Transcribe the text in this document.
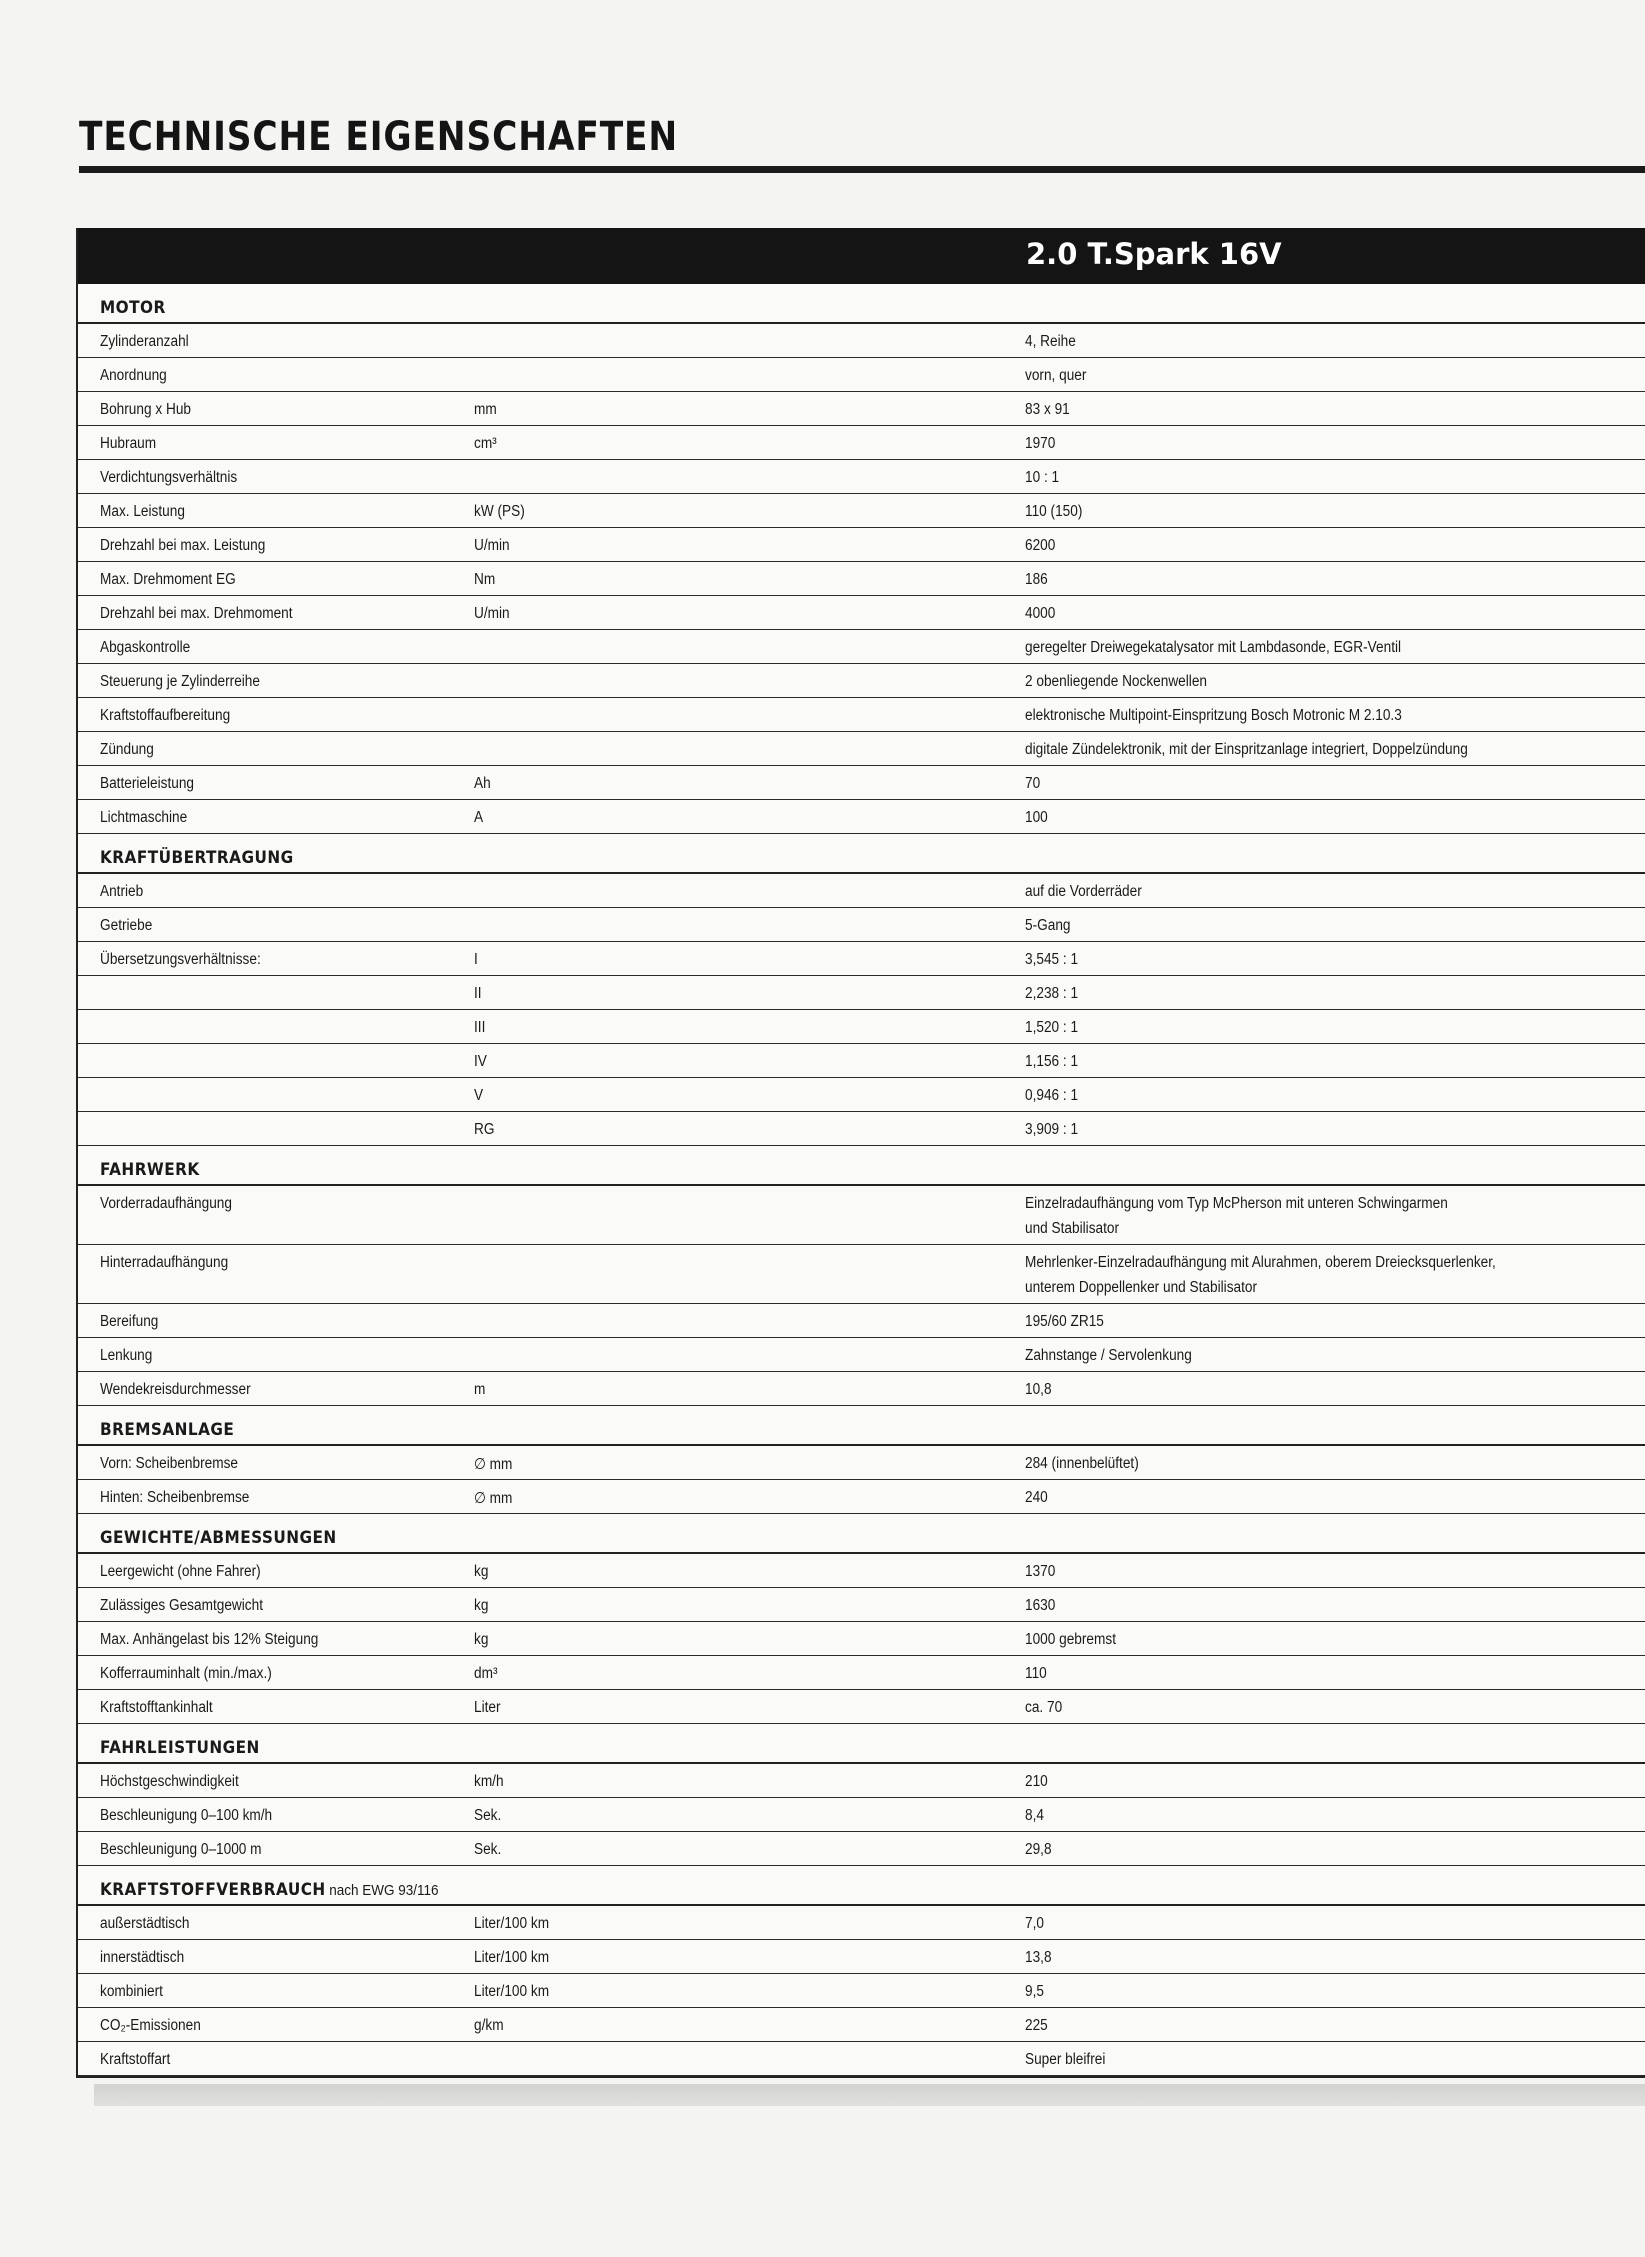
TECHNISCHE EIGENSCHAFTEN
2.0 T.Spark 16V
MOTOR
Zylinderanzahl	4, Reihe
Anordnung	vorn, quer
Bohrung x Hub	mm	83 x 91
Hubraum	cm³	1970
Verdichtungsverhältnis	10 : 1
Max. Leistung	kW (PS)	110 (150)
Drehzahl bei max. Leistung	U/min	6200
Max. Drehmoment EG	Nm	186
Drehzahl bei max. Drehmoment	U/min	4000
Abgaskontrolle	geregelter Dreiwegekatalysator mit Lambdasonde, EGR-Ventil
Steuerung je Zylinderreihe	2 obenliegende Nockenwellen
Kraftstoffaufbereitung	elektronische Multipoint-Einspritzung Bosch Motronic M 2.10.3
Zündung	digitale Zündelektronik, mit der Einspritzanlage integriert, Doppelzündung
Batterieleistung	Ah	70
Lichtmaschine	A	100
KRAFTÜBERTRAGUNG
Antrieb	auf die Vorderräder
Getriebe	5-Gang
Übersetzungsverhältnisse:	I	3,545 : 1
II	2,238 : 1
III	1,520 : 1
IV	1,156 : 1
V	0,946 : 1
RG	3,909 : 1
FAHRWERK
Vorderradaufhängung	Einzelradaufhängung vom Typ McPherson mit unteren Schwingarmen
und Stabilisator
Hinterradaufhängung	Mehrlenker-Einzelradaufhängung mit Alurahmen, oberem Dreiecksquerlenker,
unterem Doppellenker und Stabilisator
Bereifung	195/60 ZR15
Lenkung	Zahnstange / Servolenkung
Wendekreisdurchmesser	m	10,8
BREMSANLAGE
Vorn: Scheibenbremse	∅ mm	284 (innenbelüftet)
Hinten: Scheibenbremse	∅ mm	240
GEWICHTE/ABMESSUNGEN
Leergewicht (ohne Fahrer)	kg	1370
Zulässiges Gesamtgewicht	kg	1630
Max. Anhängelast bis 12% Steigung	kg	1000 gebremst
Kofferrauminhalt (min./max.)	dm³	110
Kraftstofftankinhalt	Liter	ca. 70
FAHRLEISTUNGEN
Höchstgeschwindigkeit	km/h	210
Beschleunigung 0–100 km/h	Sek.	8,4
Beschleunigung 0–1000 m	Sek.	29,8
KRAFTSTOFFVERBRAUCH nach EWG 93/116
außerstädtisch	Liter/100 km	7,0
innerstädtisch	Liter/100 km	13,8
kombiniert	Liter/100 km	9,5
CO₂-Emissionen	g/km	225
Kraftstoffart	Super bleifrei
